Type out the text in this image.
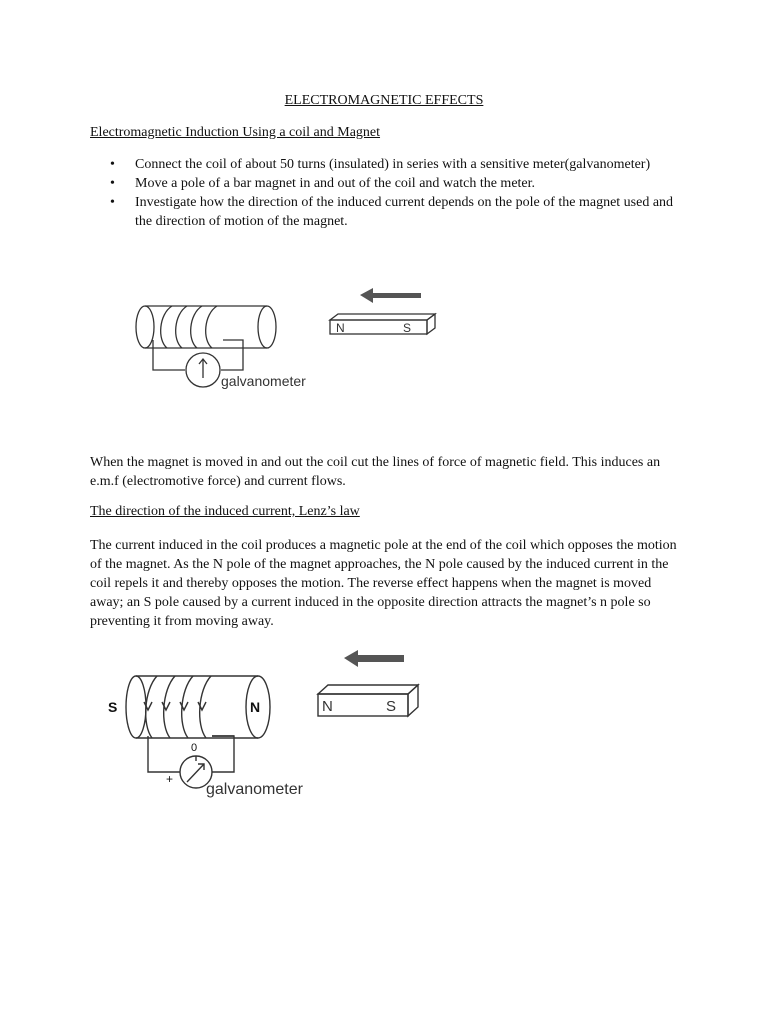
ELECTROMAGNETIC EFFECTS
Electromagnetic Induction Using a coil and Magnet
• Connect the coil of about 50 turns (insulated) in series with a sensitive meter(galvanometer)
• Move a pole of a bar magnet in and out of the coil and watch the meter.
• Investigate how the direction of the induced current depends on the pole of the magnet used and the direction of motion of the magnet.
N	S
galvanometer
When the magnet is moved in and out the coil cut the lines of force of magnetic field. This induces an e.m.f (electromotive force) and current flows.
The direction of the induced current, Lenz’s law
The current induced in the coil produces a magnetic pole at the end of the coil which opposes the motion of the magnet. As the N pole of the magnet approaches, the N pole caused by the induced current in the coil repels it and thereby opposes the motion. The reverse effect happens when the magnet is moved away; an S pole caused by a current induced in the opposite direction attracts the magnet’s n pole so preventing it from moving away.
S	N	N	S
0
+
galvanometer
